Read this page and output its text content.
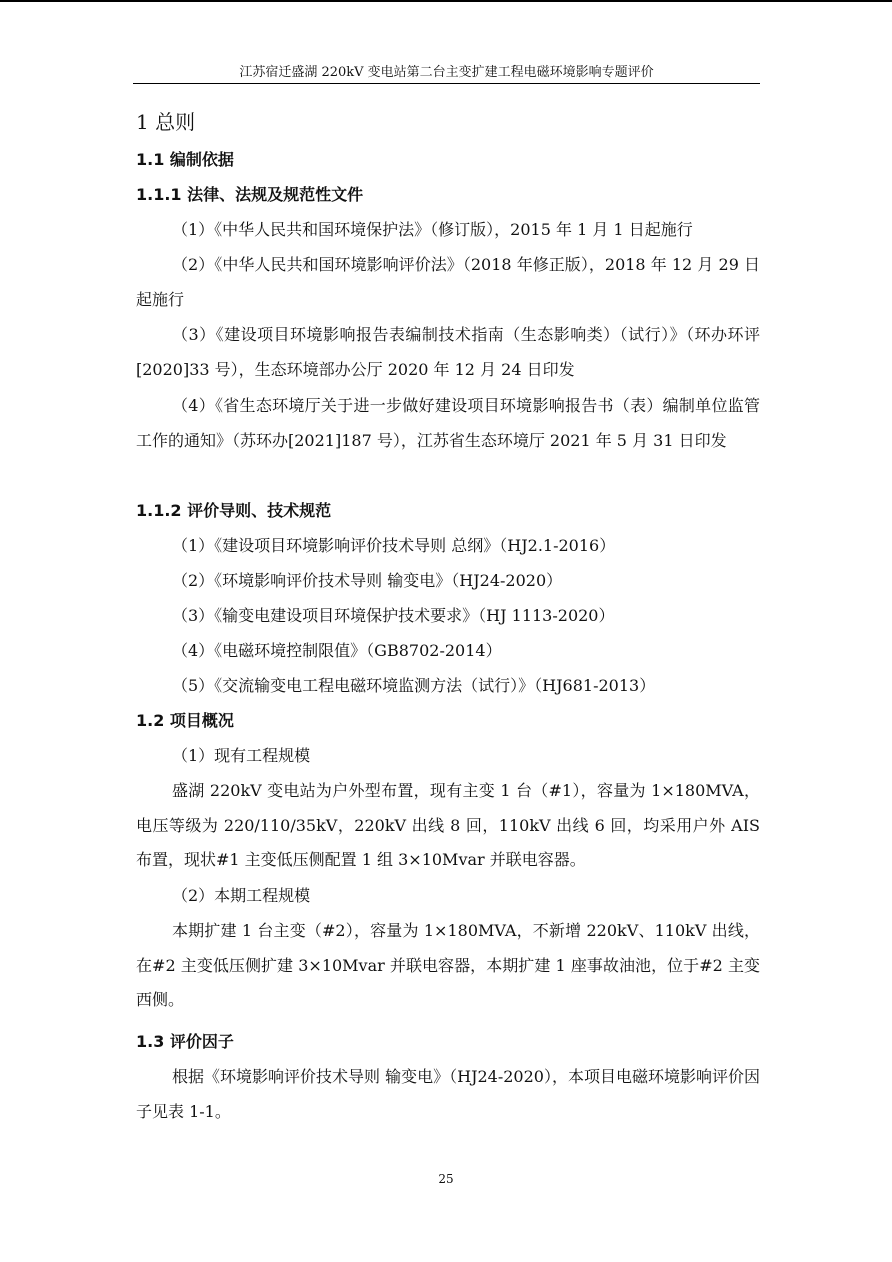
江苏宿迁盛湖 220kV 变电站第二台主变扩建工程电磁环境影响专题评价
1 总则
1.1 编制依据
1.1.1 法律、法规及规范性文件
（1）《中华人民共和国环境保护法》（修订版），2015 年 1 月 1 日起施行
（2）《中华人民共和国环境影响评价法》（2018 年修正版），2018 年 12 月 29 日起施行
（3）《建设项目环境影响报告表编制技术指南（生态影响类）（试行）》（环办环评[2020]33 号），生态环境部办公厅 2020 年 12 月 24 日印发
（4）《省生态环境厅关于进一步做好建设项目环境影响报告书（表）编制单位监管工作的通知》（苏环办[2021]187 号），江苏省生态环境厅 2021 年 5 月 31 日印发
1.1.2 评价导则、技术规范
（1）《建设项目环境影响评价技术导则 总纲》（HJ2.1-2016）
（2）《环境影响评价技术导则 输变电》（HJ24-2020）
（3）《输变电建设项目环境保护技术要求》（HJ 1113-2020）
（4）《电磁环境控制限值》（GB8702-2014）
（5）《交流输变电工程电磁环境监测方法（试行）》（HJ681-2013）
1.2 项目概况
（1）现有工程规模
盛湖 220kV 变电站为户外型布置，现有主变 1 台（#1），容量为 1×180MVA，电压等级为 220/110/35kV，220kV 出线 8 回，110kV 出线 6 回，均采用户外 AIS 布置，现状#1 主变低压侧配置 1 组 3×10Mvar 并联电容器。
（2）本期工程规模
本期扩建 1 台主变（#2），容量为 1×180MVA，不新增 220kV、110kV 出线，在#2 主变低压侧扩建 3×10Mvar 并联电容器，本期扩建 1 座事故油池，位于#2 主变西侧。
1.3 评价因子
根据《环境影响评价技术导则 输变电》（HJ24-2020），本项目电磁环境影响评价因子见表 1-1。
25
